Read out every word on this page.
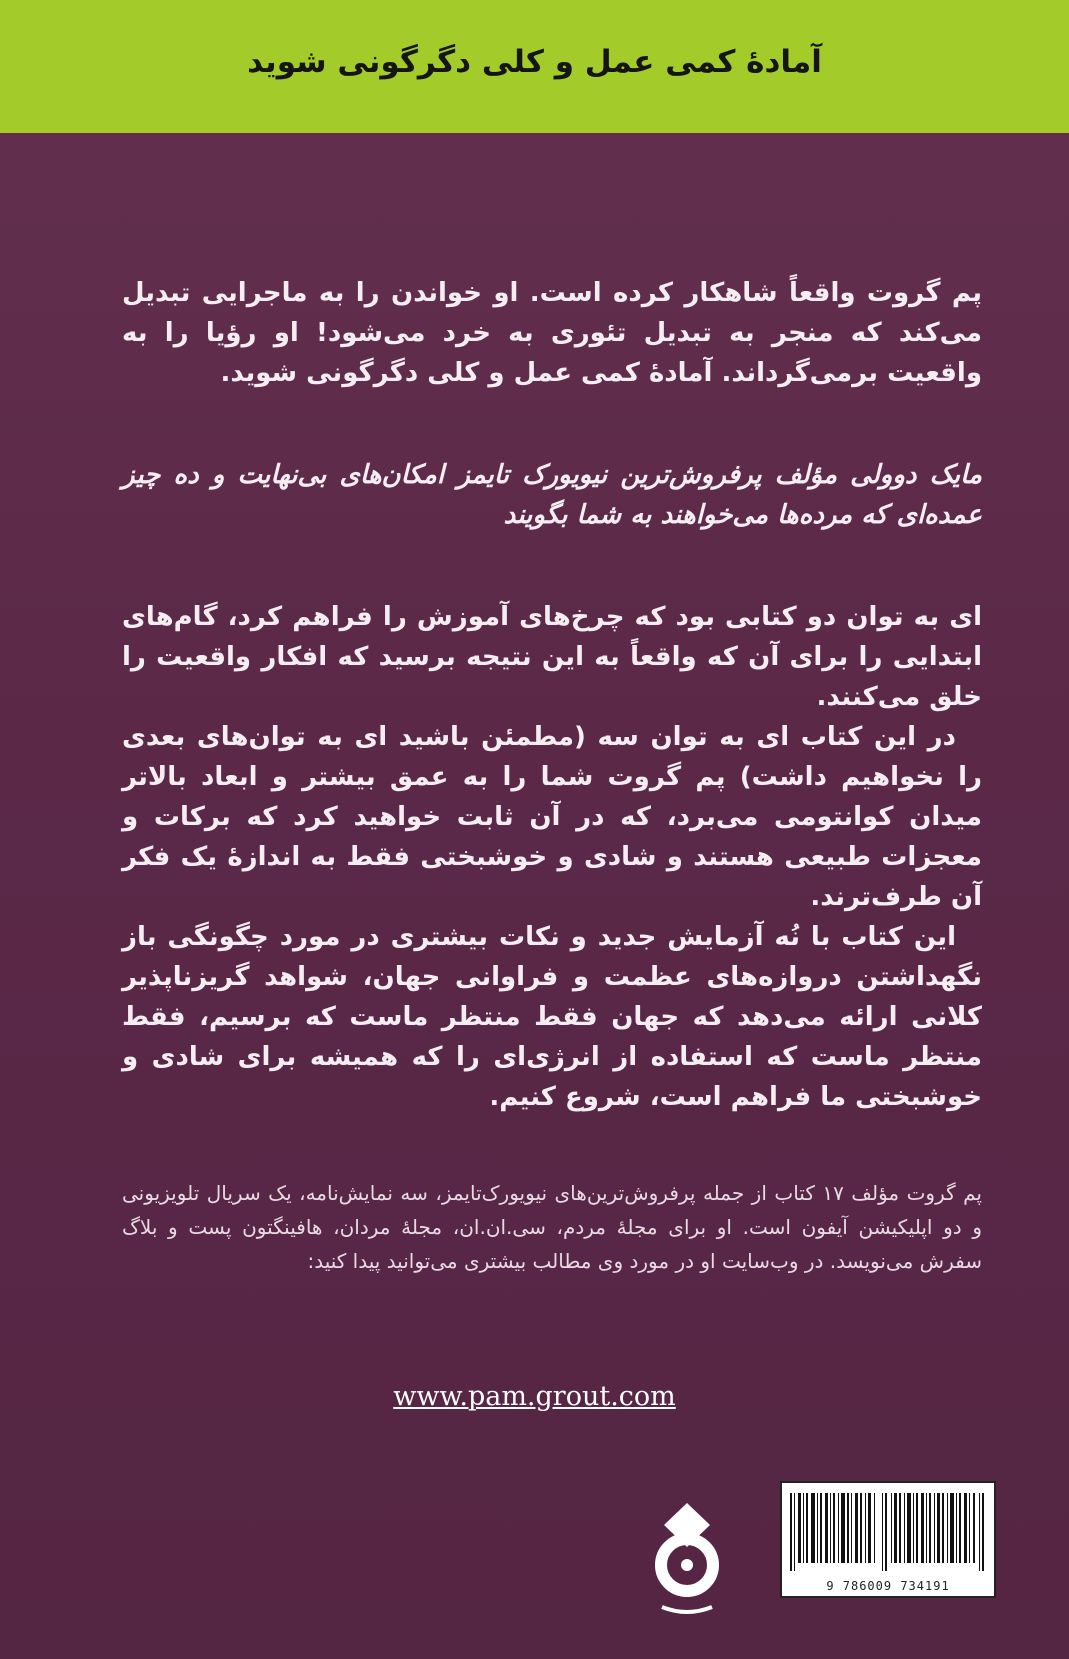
آمادهٔ کمی عمل و کلی دگرگونی شوید
پم گروت واقعاً شاهکار کرده است. او خواندن را به ماجرایی تبدیل می‌کند که منجر به تبدیل تئوری به خرد می‌شود! او رؤیا را به واقعیت برمی‌گرداند. آمادهٔ کمی عمل و کلی دگرگونی شوید.
مایک دوولی مؤلف پرفروش‌ترین نیویورک تایمز امکان‌های بی‌نهایت و ده چیز عمده‌ای که مرده‌ها می‌خواهند به شما بگویند

ای به توان دو کتابی بود که چرخ‌های آموزش را فراهم کرد، گام‌های ابتدایی را برای آن که واقعاً به این نتیجه برسید که افکار واقعیت را خلق می‌کنند.

در این کتاب ای به توان سه (مطمئن باشید ای به توان‌های بعدی را نخواهیم داشت) پم گروت شما را به عمق بیشتر و ابعاد بالاتر میدان کوانتومی می‌برد، که در آن ثابت خواهید کرد که برکات و معجزات طبیعی هستند و شادی و خوشبختی فقط به اندازهٔ یک فکر آن طرف‌ترند.

این کتاب با نُه آزمایش جدید و نکات بیشتری در مورد چگونگی باز نگهداشتن دروازه‌های عظمت و فراوانی جهان، شواهد گریزناپذیر کلانی ارائه می‌دهد که جهان فقط منتظر ماست که برسیم، فقط منتظر ماست که استفاده از انرژی‌ای را که همیشه برای شادی و خوشبختی ما فراهم است، شروع کنیم.

پم گروت مؤلف ۱۷ کتاب از جمله پرفروش‌ترین‌های نیویورک‌تایمز، سه نمایش‌نامه، یک سریال تلویزیونی و دو اپلیکیشن آیفون است. او برای مجلهٔ مردم، سی.ان.ان، مجلهٔ مردان، هافینگتون پست و بلاگ سفرش می‌نویسد. در وب‌سایت او در مورد وی مطالب بیشتری می‌توانید پیدا کنید:
www.pam.grout.com
9 786009 734191
